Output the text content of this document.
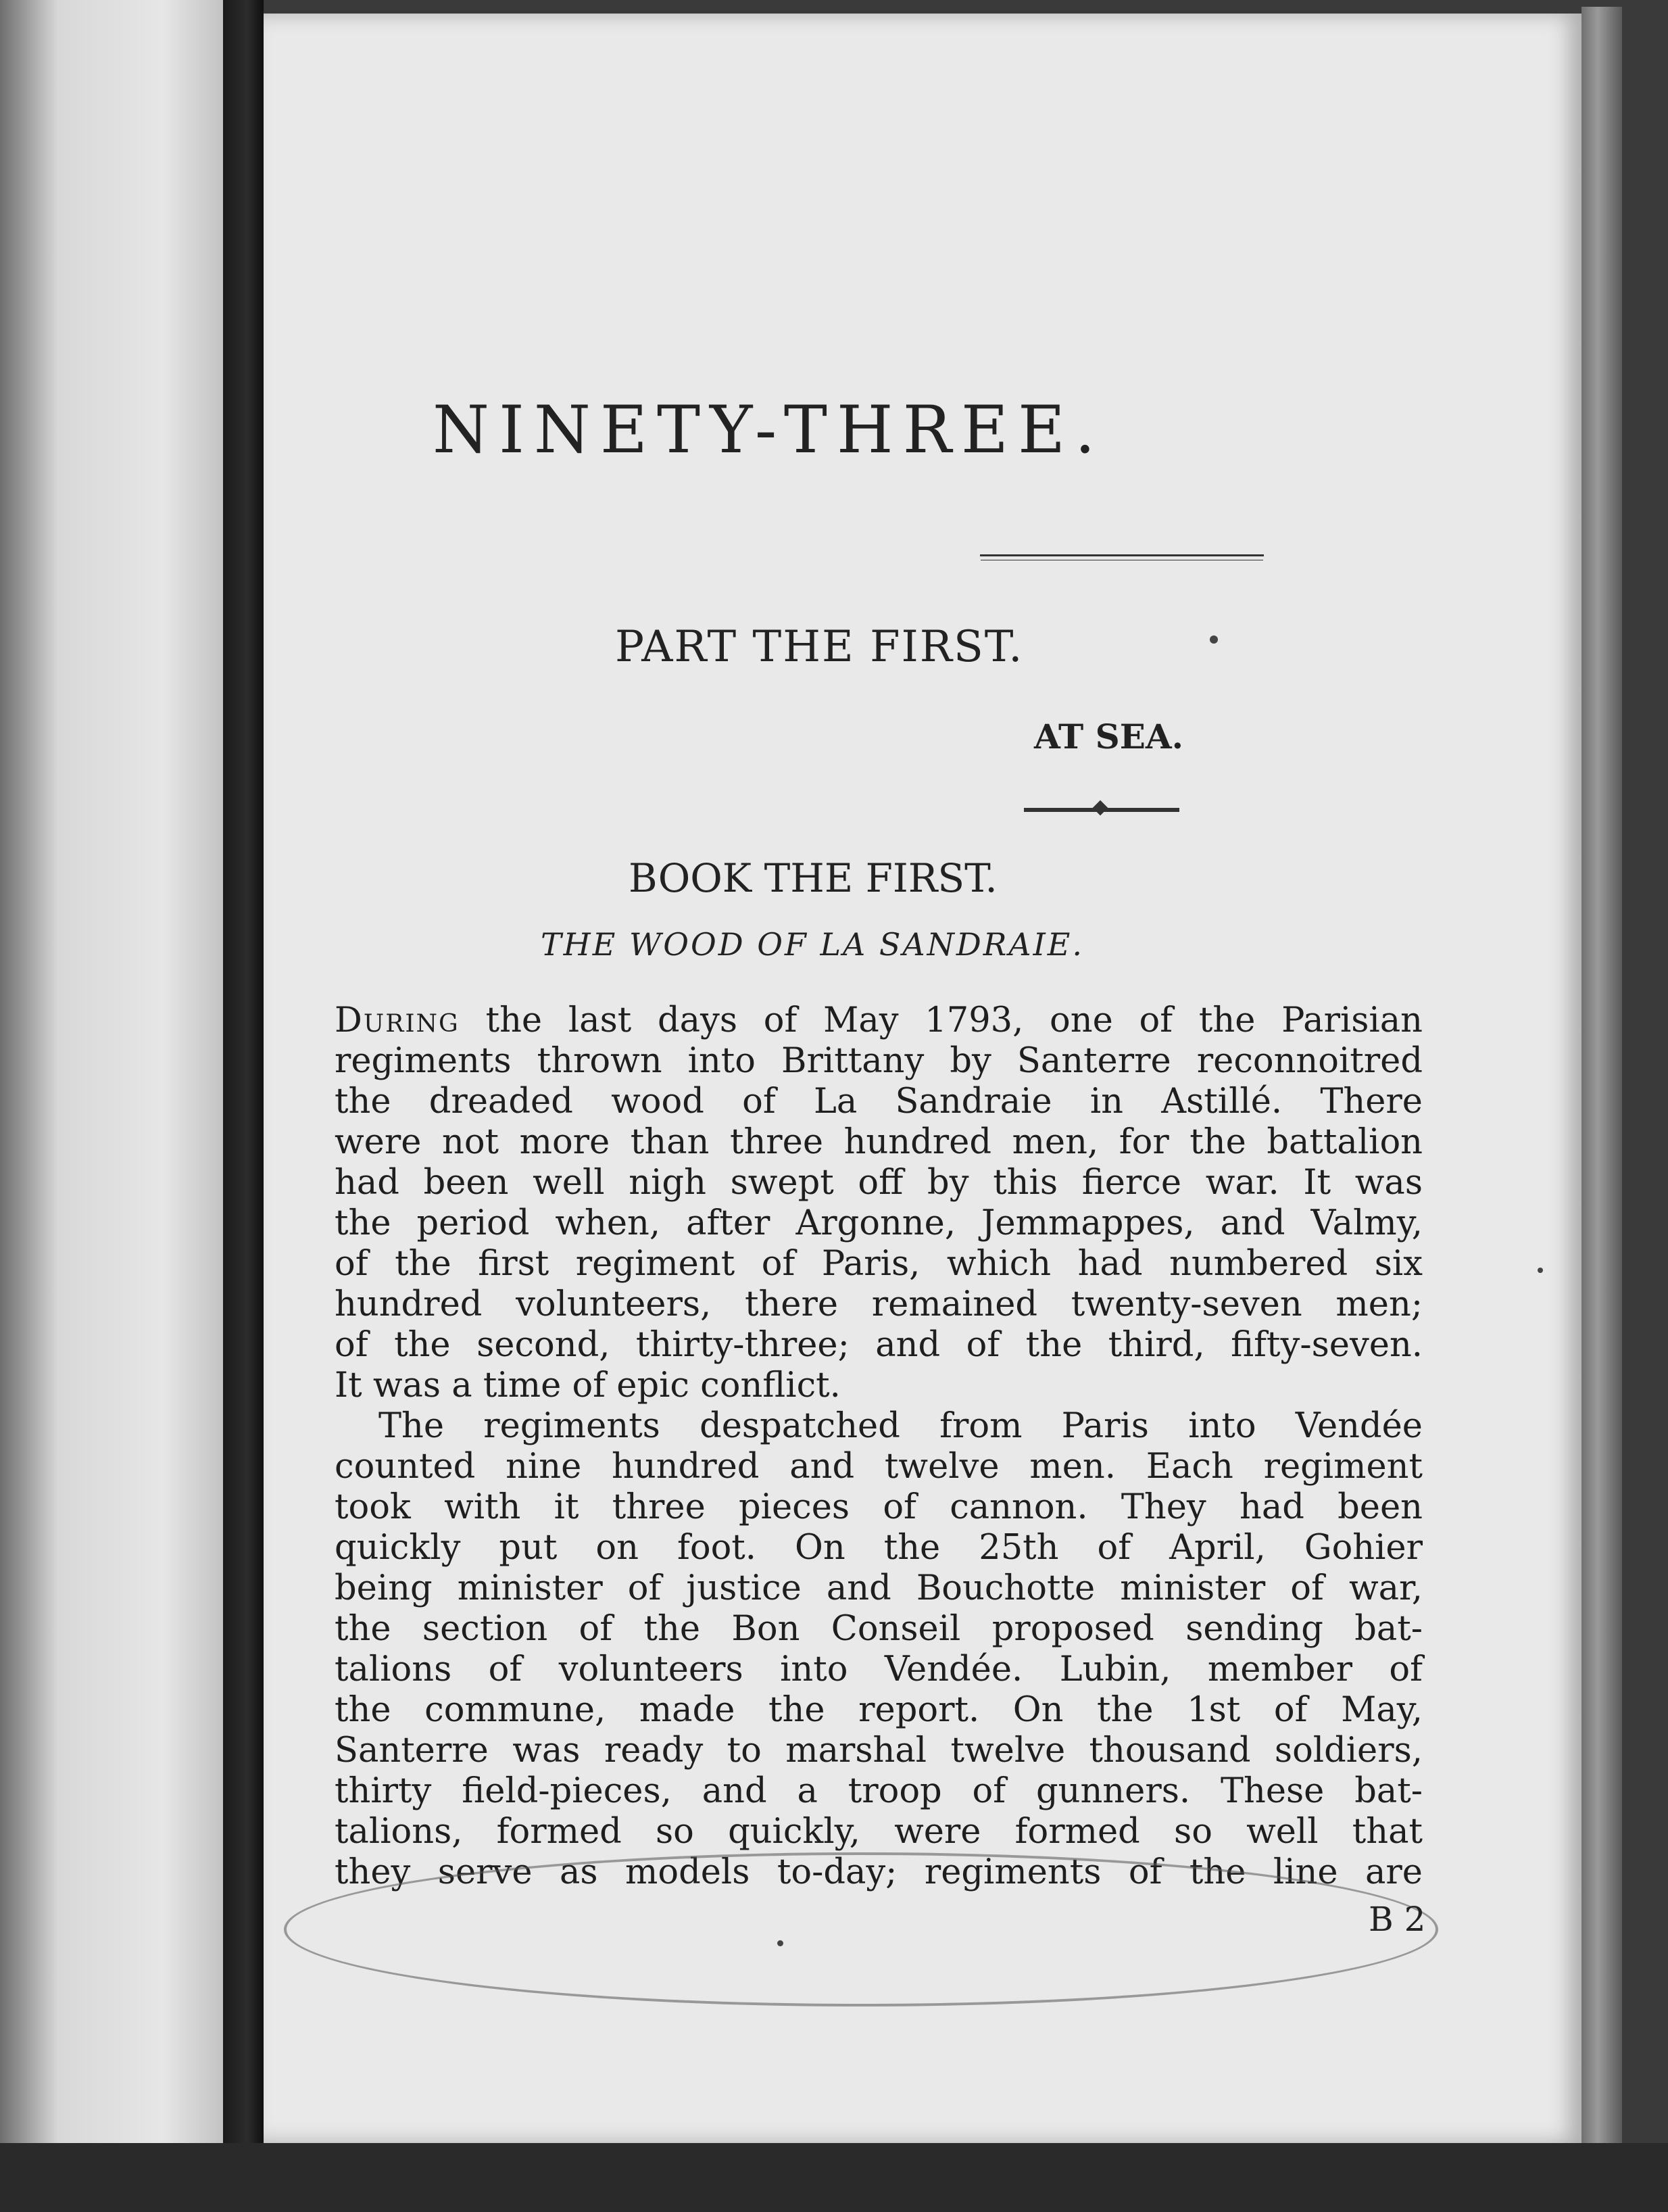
NINETY-THREE.
PART THE FIRST.
AT SEA.
BOOK THE FIRST.
THE WOOD OF LA SANDRAIE.

During the last days of May 1793, one of the Parisian
regiments thrown into Brittany by Santerre reconnoitred
the dreaded wood of La Sandraie in Astillé. There
were not more than three hundred men, for the battalion
had been well nigh swept off by this fierce war. It was
the period when, after Argonne, Jemmappes, and Valmy,
of the first regiment of Paris, which had numbered six
hundred volunteers, there remained twenty-seven men;
of the second, thirty-three; and of the third, fifty-seven.
It was a time of epic conflict.

The regiments despatched from Paris into Vendée
counted nine hundred and twelve men. Each regiment
took with it three pieces of cannon. They had been
quickly put on foot. On the 25th of April, Gohier
being minister of justice and Bouchotte minister of war,
the section of the Bon Conseil proposed sending bat-
talions of volunteers into Vendée. Lubin, member of
the commune, made the report. On the 1st of May,
Santerre was ready to marshal twelve thousand soldiers,
thirty field-pieces, and a troop of gunners. These bat-
talions, formed so quickly, were formed so well that
they serve as models to-day; regiments of the line are

B 2
